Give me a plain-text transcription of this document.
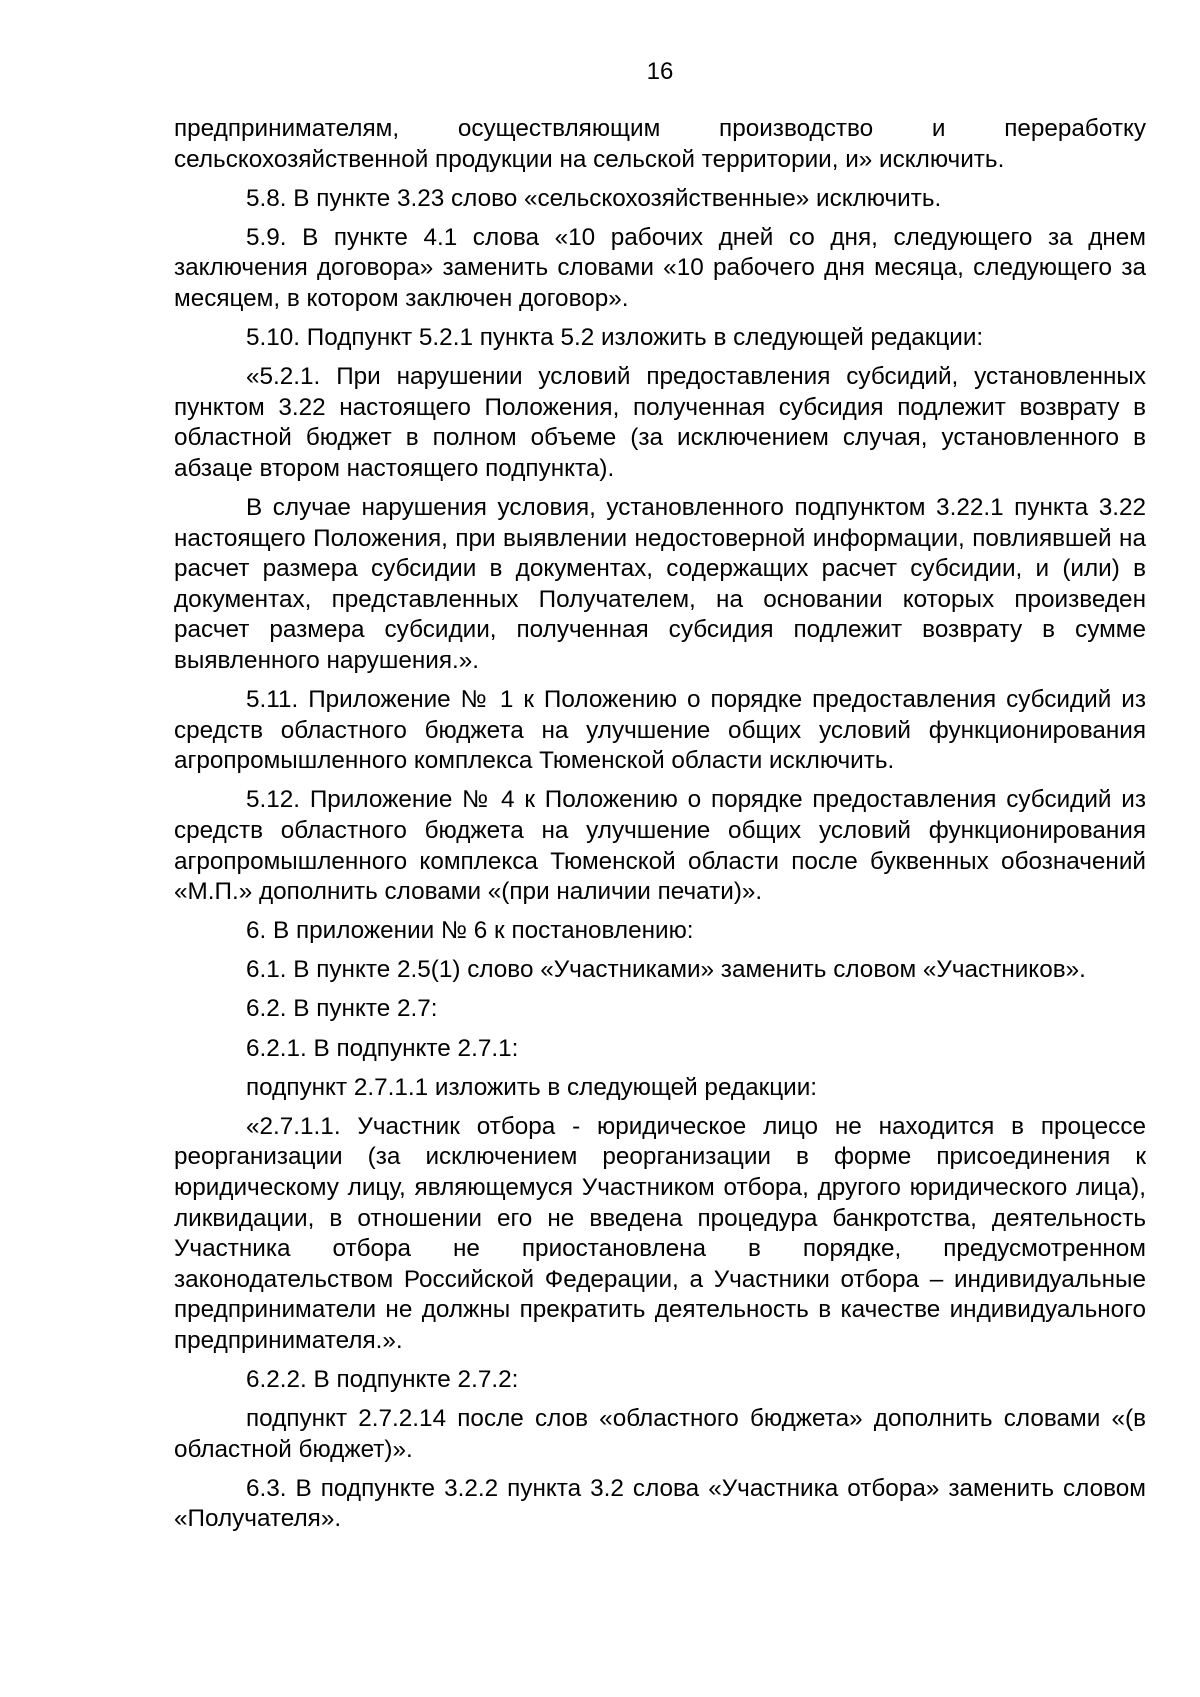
16

предпринимателям, осуществляющим производство и переработку сельскохозяйственной продукции на сельской территории, и» исключить.

5.8. В пункте 3.23 слово «сельскохозяйственные» исключить.

5.9. В пункте 4.1 слова «10 рабочих дней со дня, следующего за днем заключения договора» заменить словами «10 рабочего дня месяца, следующего за месяцем, в котором заключен договор».

5.10. Подпункт 5.2.1 пункта 5.2 изложить в следующей редакции:

«5.2.1. При нарушении условий предоставления субсидий, установленных пунктом 3.22 настоящего Положения, полученная субсидия подлежит возврату в областной бюджет в полном объеме (за исключением случая, установленного в абзаце втором настоящего подпункта).

В случае нарушения условия, установленного подпунктом 3.22.1 пункта 3.22 настоящего Положения, при выявлении недостоверной информации, повлиявшей на расчет размера субсидии в документах, содержащих расчет субсидии, и (или) в документах, представленных Получателем, на основании которых произведен расчет размера субсидии, полученная субсидия подлежит возврату в сумме выявленного нарушения.».

5.11. Приложение № 1 к Положению о порядке предоставления субсидий из средств областного бюджета на улучшение общих условий функционирования агропромышленного комплекса Тюменской области исключить.

5.12. Приложение № 4 к Положению о порядке предоставления субсидий из средств областного бюджета на улучшение общих условий функционирования агропромышленного комплекса Тюменской области после буквенных обозначений «М.П.» дополнить словами «(при наличии печати)».

6. В приложении № 6 к постановлению:

6.1. В пункте 2.5(1) слово «Участниками» заменить словом «Участников».

6.2. В пункте 2.7:

6.2.1. В подпункте 2.7.1:

подпункт 2.7.1.1 изложить в следующей редакции:

«2.7.1.1. Участник отбора - юридическое лицо не находится в процессе реорганизации (за исключением реорганизации в форме присоединения к юридическому лицу, являющемуся Участником отбора, другого юридического лица), ликвидации, в отношении его не введена процедура банкротства, деятельность Участника отбора не приостановлена в порядке, предусмотренном законодательством Российской Федерации, а Участники отбора – индивидуальные предприниматели не должны прекратить деятельность в качестве индивидуального предпринимателя.».

6.2.2. В подпункте 2.7.2:

подпункт 2.7.2.14 после слов «областного бюджета» дополнить словами «(в областной бюджет)».

6.3. В подпункте 3.2.2 пункта 3.2 слова «Участника отбора» заменить словом «Получателя».
